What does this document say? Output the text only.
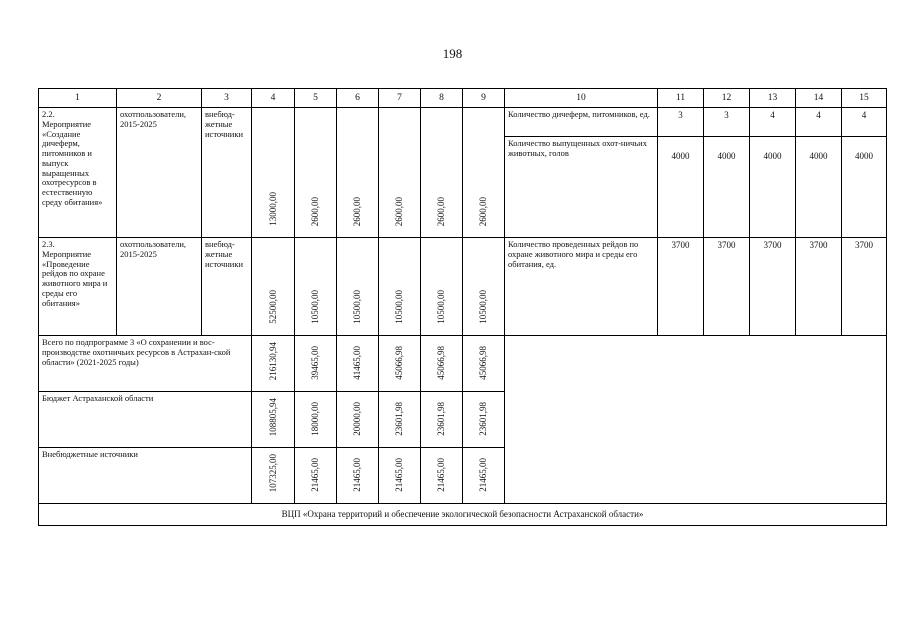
198
1	2	3	4	5	6	7	8	9	10	11	12	13	14	15
2.2.
Мероприятие «Создание дичеферм, питомников и выпуск выращенных охотресурсов в естественную среду обитания»	охотпользователи, 2015-2025	внебюд-жетные источники	13000,00	2600,00	2600,00	2600,00	2600,00	2600,00	Количество дичеферм, питомников, ед.	3	3	4	4	4
									Количество выпущенных охот-ничьих животных, голов	4000	4000	4000	4000	4000
2.3.
Мероприятие «Проведение рейдов по охране животного мира и среды его обитания»	охотпользователи, 2015-2025	внебюд-жетные источники	52500,00	10500,00	10500,00	10500,00	10500,00	10500,00	Количество проведенных рейдов по охране животного мира и среды его обитания, ед.	3700	3700	3700	3700	3700
Всего по подпрограмме 3 «О сохранении и вос-производстве охотничьих ресурсов в Астрахан-ской области» (2021-2025 годы)			216130,94	39465,00	41465,00	45066,98	45066,98	45066,98						
Бюджет Астраханской области			108805,94	18000,00	20000,00	23601,98	23601,98	23601,98						
Внебюджетные источники			107325,00	21465,00	21465,00	21465,00	21465,00	21465,00						
ВЦП «Охрана территорий и обеспечение экологической безопасности Астраханской области»														
